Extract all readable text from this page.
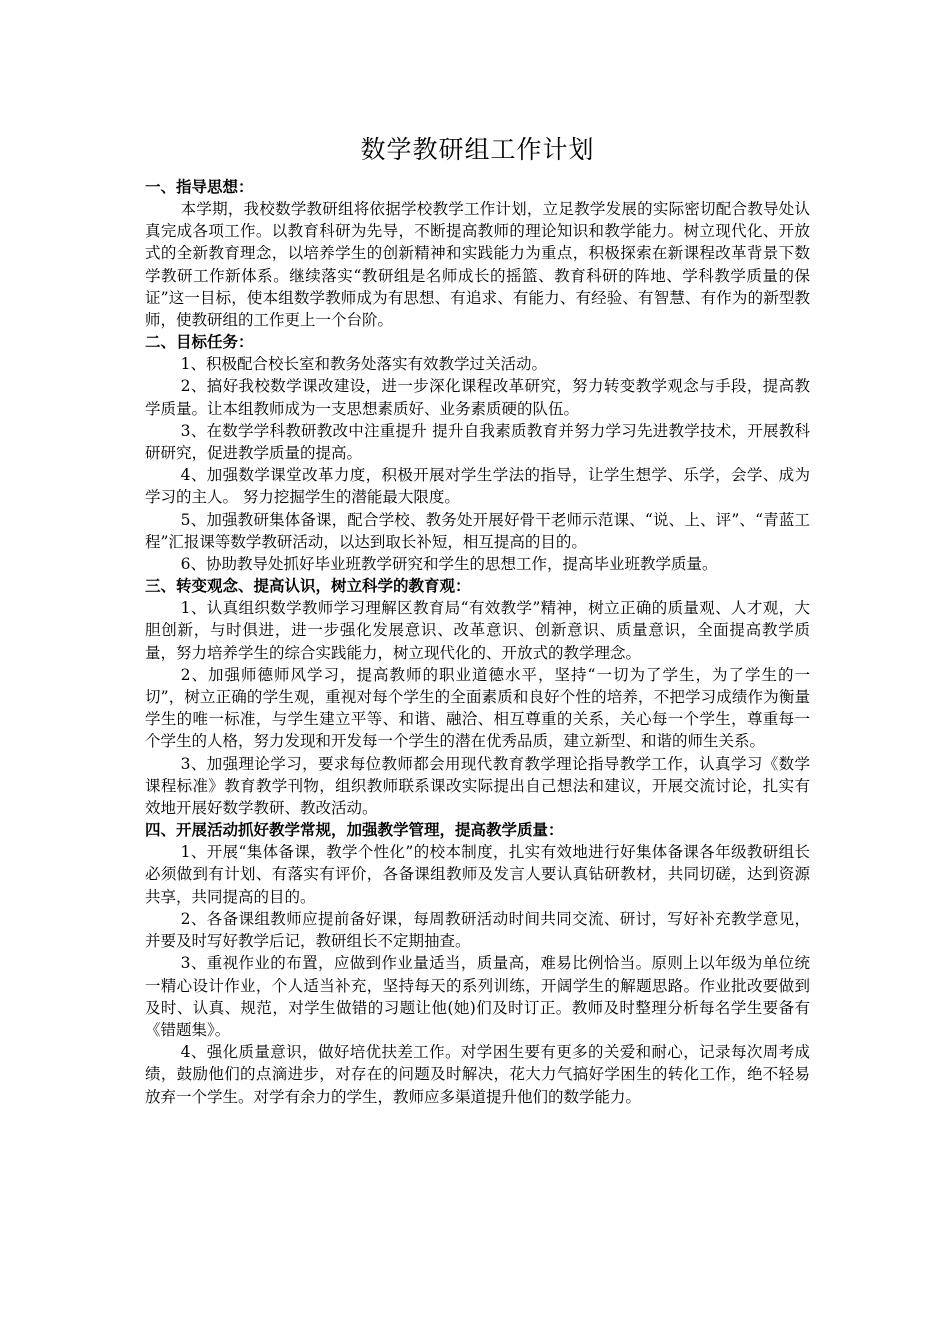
数学教研组工作计划

一、指导思想：

本学期，我校数学教研组将依据学校教学工作计划，立足教学发展的实际密切配合教导处认真完成各项工作。以教育科研为先导，不断提高教师的理论知识和教学能力。树立现代化、开放式的全新教育理念，以培养学生的创新精神和实践能力为重点，积极探索在新课程改革背景下数学教研工作新体系。继续落实“教研组是名师成长的摇篮、教育科研的阵地、学科教学质量的保证”这一目标，使本组数学教师成为有思想、有追求、有能力、有经验、有智慧、有作为的新型教师，使教研组的工作更上一个台阶。

二、目标任务：

1、积极配合校长室和教务处落实有效教学过关活动。

2、搞好我校数学课改建设，进一步深化课程改革研究，努力转变教学观念与手段，提高教学质量。让本组教师成为一支思想素质好、业务素质硬的队伍。

3、在数学学科教研教改中注重提升 提升自我素质教育并努力学习先进教学技术，开展教科研研究，促进教学质量的提高。

4、加强数学课堂改革力度，积极开展对学生学法的指导，让学生想学、乐学，会学、成为学习的主人。 努力挖掘学生的潜能最大限度。

5、加强教研集体备课，配合学校、教务处开展好骨干老师示范课、“说、上、评”、“青蓝工程”汇报课等数学教研活动，以达到取长补短，相互提高的目的。

6、协助教导处抓好毕业班教学研究和学生的思想工作，提高毕业班教学质量。

三、转变观念、提高认识，树立科学的教育观：

1、认真组织数学教师学习理解区教育局“有效教学”精神，树立正确的质量观、人才观，大胆创新，与时俱进，进一步强化发展意识、改革意识、创新意识、质量意识，全面提高教学质量，努力培养学生的综合实践能力，树立现代化的、开放式的教学理念。

2、加强师德师风学习，提高教师的职业道德水平，坚持“一切为了学生，为了学生的一切”，树立正确的学生观，重视对每个学生的全面素质和良好个性的培养，不把学习成绩作为衡量学生的唯一标准，与学生建立平等、和谐、融洽、相互尊重的关系，关心每一个学生，尊重每一个学生的人格，努力发现和开发每一个学生的潜在优秀品质，建立新型、和谐的师生关系。

3、加强理论学习，要求每位教师都会用现代教育教学理论指导教学工作，认真学习《数学课程标准》教育教学刊物，组织教师联系课改实际提出自己想法和建议，开展交流讨论，扎实有效地开展好数学教研、教改活动。

四、开展活动抓好教学常规，加强教学管理，提高教学质量：

1、开展“集体备课，教学个性化”的校本制度，扎实有效地进行好集体备课各年级教研组长必须做到有计划、有落实有评价，各备课组教师及发言人要认真钻研教材，共同切磋，达到资源共享，共同提高的目的。

2、各备课组教师应提前备好课，每周教研活动时间共同交流、研讨，写好补充教学意见，并要及时写好教学后记，教研组长不定期抽查。

3、重视作业的布置，应做到作业量适当，质量高，难易比例恰当。原则上以年级为单位统一精心设计作业，个人适当补充，坚持每天的系列训练，开阔学生的解题思路。作业批改要做到及时、认真、规范，对学生做错的习题让他(她)们及时订正。教师及时整理分析每名学生要备有《错题集》。

4、强化质量意识，做好培优扶差工作。对学困生要有更多的关爱和耐心，记录每次周考成绩，鼓励他们的点滴进步，对存在的问题及时解决，花大力气搞好学困生的转化工作，绝不轻易放弃一个学生。对学有余力的学生，教师应多渠道提升他们的数学能力。
